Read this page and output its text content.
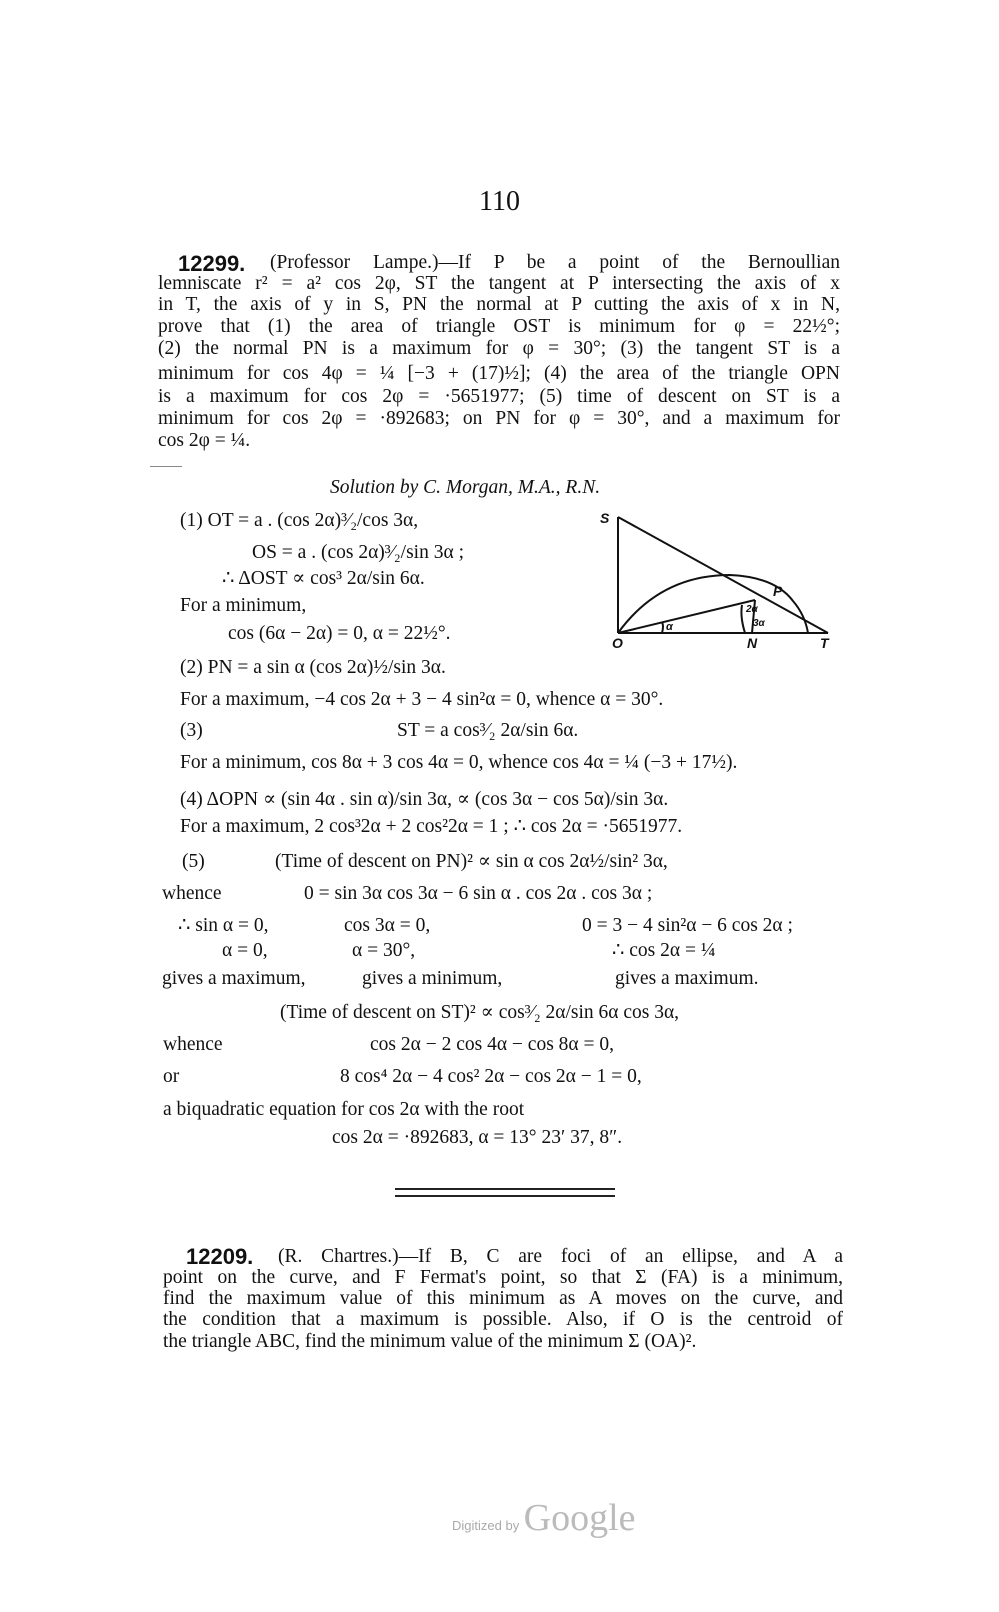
110
12299. (Professor Lampe.)—If P be a point of the Bernoullian
lemniscate r² = a² cos 2φ, ST the tangent at P intersecting the axis of x
in T, the axis of y in S, PN the normal at P cutting the axis of x in N,
prove that (1) the area of triangle OST is minimum for φ = 22½°;
(2) the normal PN is a maximum for φ = 30°; (3) the tangent ST is a
minimum for cos 4φ = ¼ [−3 + (17)½]; (4) the area of the triangle OPN
is a maximum for cos 2φ = ·5651977; (5) time of descent on ST is a
minimum for cos 2φ = ·892683; on PN for φ = 30°, and a maximum for
cos 2φ = ¼.
Solution by C. Morgan, M.A., R.N.
(1) OT = a . (cos 2α)³⁄₂/cos 3α,
OS = a . (cos 2α)³⁄₂/sin 3α ;
∴ ΔOST ∝ cos³ 2α/sin 6α.
For a minimum,
cos (6α − 2α) = 0, α = 22½°.
(2) PN = a sin α (cos 2α)½/sin 3α.
For a maximum, −4 cos 2α + 3 − 4 sin²α = 0, whence α = 30°.
(3)	ST = a cos³⁄₂ 2α/sin 6α.
For a minimum, cos 8α + 3 cos 4α = 0, whence cos 4α = ¼ (−3 + 17½).
(4) ΔOPN ∝ (sin 4α . sin α)/sin 3α, ∝ (cos 3α − cos 5α)/sin 3α.
For a maximum, 2 cos³2α + 2 cos²2α = 1 ; ∴ cos 2α = ·5651977.
(5)	(Time of descent on PN)² ∝ sin α cos 2α½/sin² 3α,
whence	0 = sin 3α cos 3α − 6 sin α . cos 2α . cos 3α ;
∴ sin α = 0,	cos 3α = 0,	0 = 3 − 4 sin²α − 6 cos 2α ;
α = 0,	α = 30°,	∴ cos 2α = ¼
gives a maximum,	gives a minimum,	gives a maximum.
(Time of descent on ST)² ∝ cos³⁄₂ 2α/sin 6α cos 3α,
whence	cos 2α − 2 cos 4α − cos 8α = 0,
or	8 cos⁴ 2α − 4 cos² 2α − cos 2α − 1 = 0,
a biquadratic equation for cos 2α with the root
cos 2α = ·892683, α = 13° 23′ 37, 8″.
S
P
O	N	T
α
2α
3α
12209. (R. Chartres.)—If B, C are foci of an ellipse, and A a
point on the curve, and F Fermat's point, so that Σ (FA) is a minimum,
find the maximum value of this minimum as A moves on the curve, and
the condition that a maximum is possible. Also, if O is the centroid of
the triangle ABC, find the minimum value of the minimum Σ (OA)².
Digitized by Google
